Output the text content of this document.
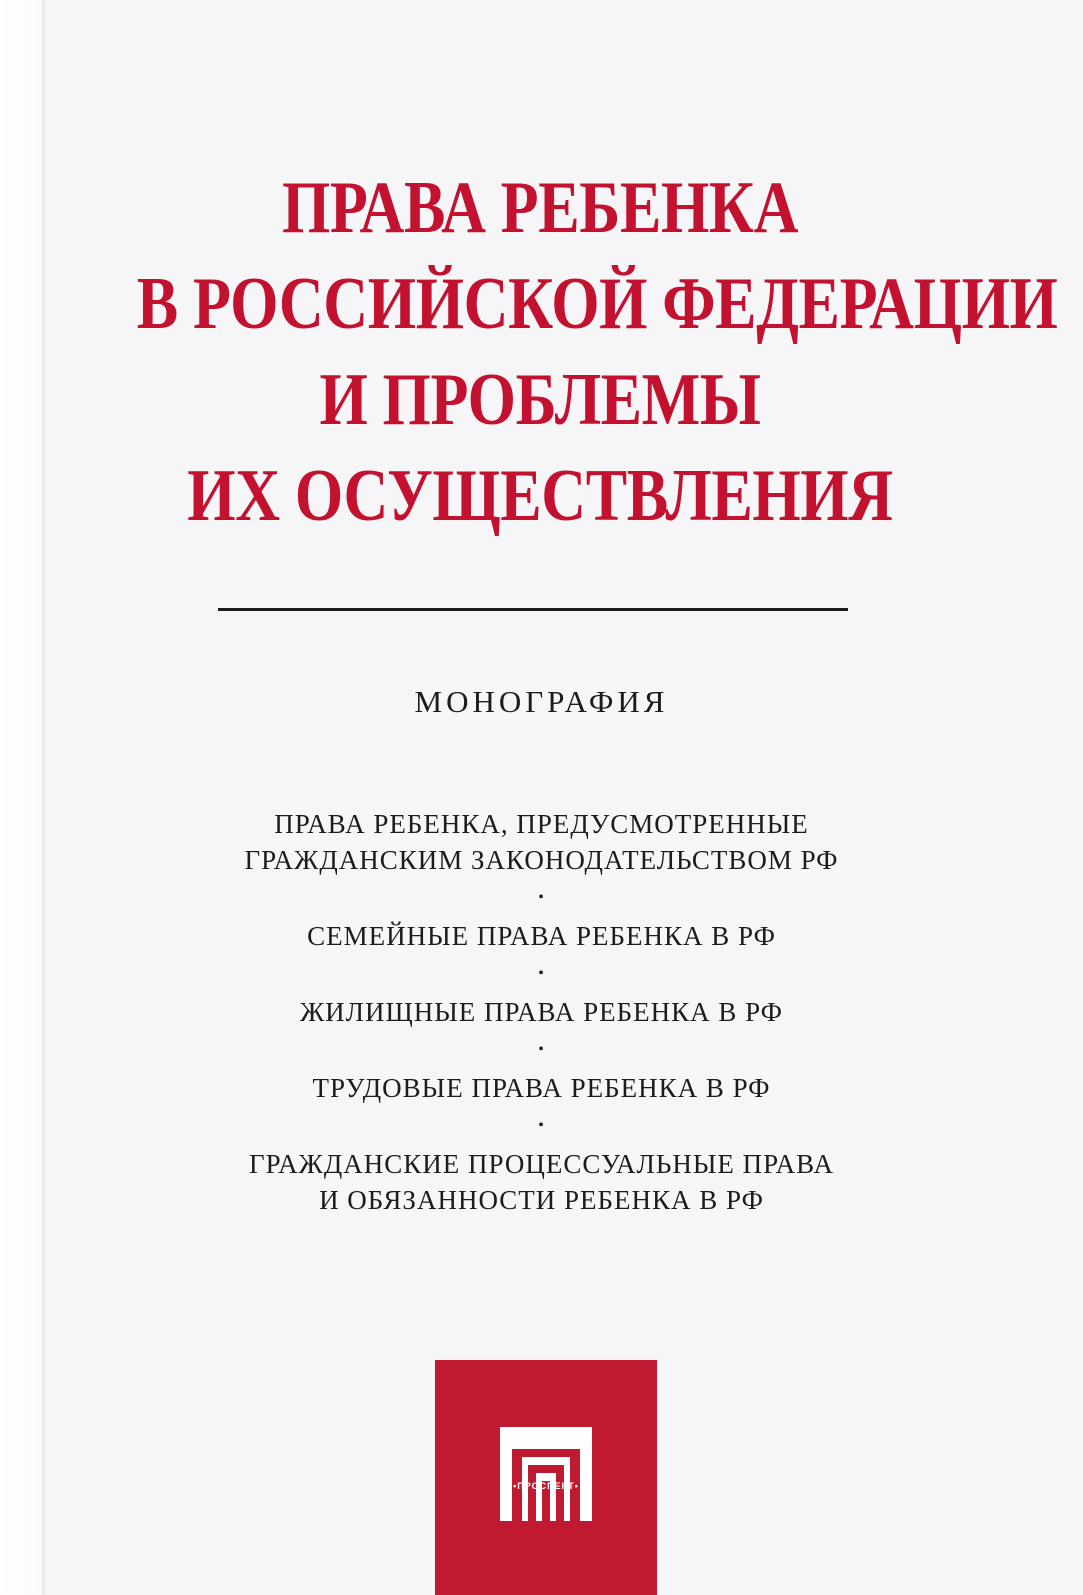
ПРАВА РЕБЕНКА
В РОССИЙСКОЙ ФЕДЕРАЦИИ
И ПРОБЛЕМЫ
ИХ ОСУЩЕСТВЛЕНИЯ
МОНОГРАФИЯ
ПРАВА РЕБЕНКА, ПРЕДУСМОТРЕННЫЕ
ГРАЖДАНСКИМ ЗАКОНОДАТЕЛЬСТВОМ РФ
•
СЕМЕЙНЫЕ ПРАВА РЕБЕНКА В РФ
•
ЖИЛИЩНЫЕ ПРАВА РЕБЕНКА В РФ
•
ТРУДОВЫЕ ПРАВА РЕБЕНКА В РФ
•
ГРАЖДАНСКИЕ ПРОЦЕССУАЛЬНЫЕ ПРАВА
И ОБЯЗАННОСТИ РЕБЕНКА В РФ
•ПРОСПЕКТ•
